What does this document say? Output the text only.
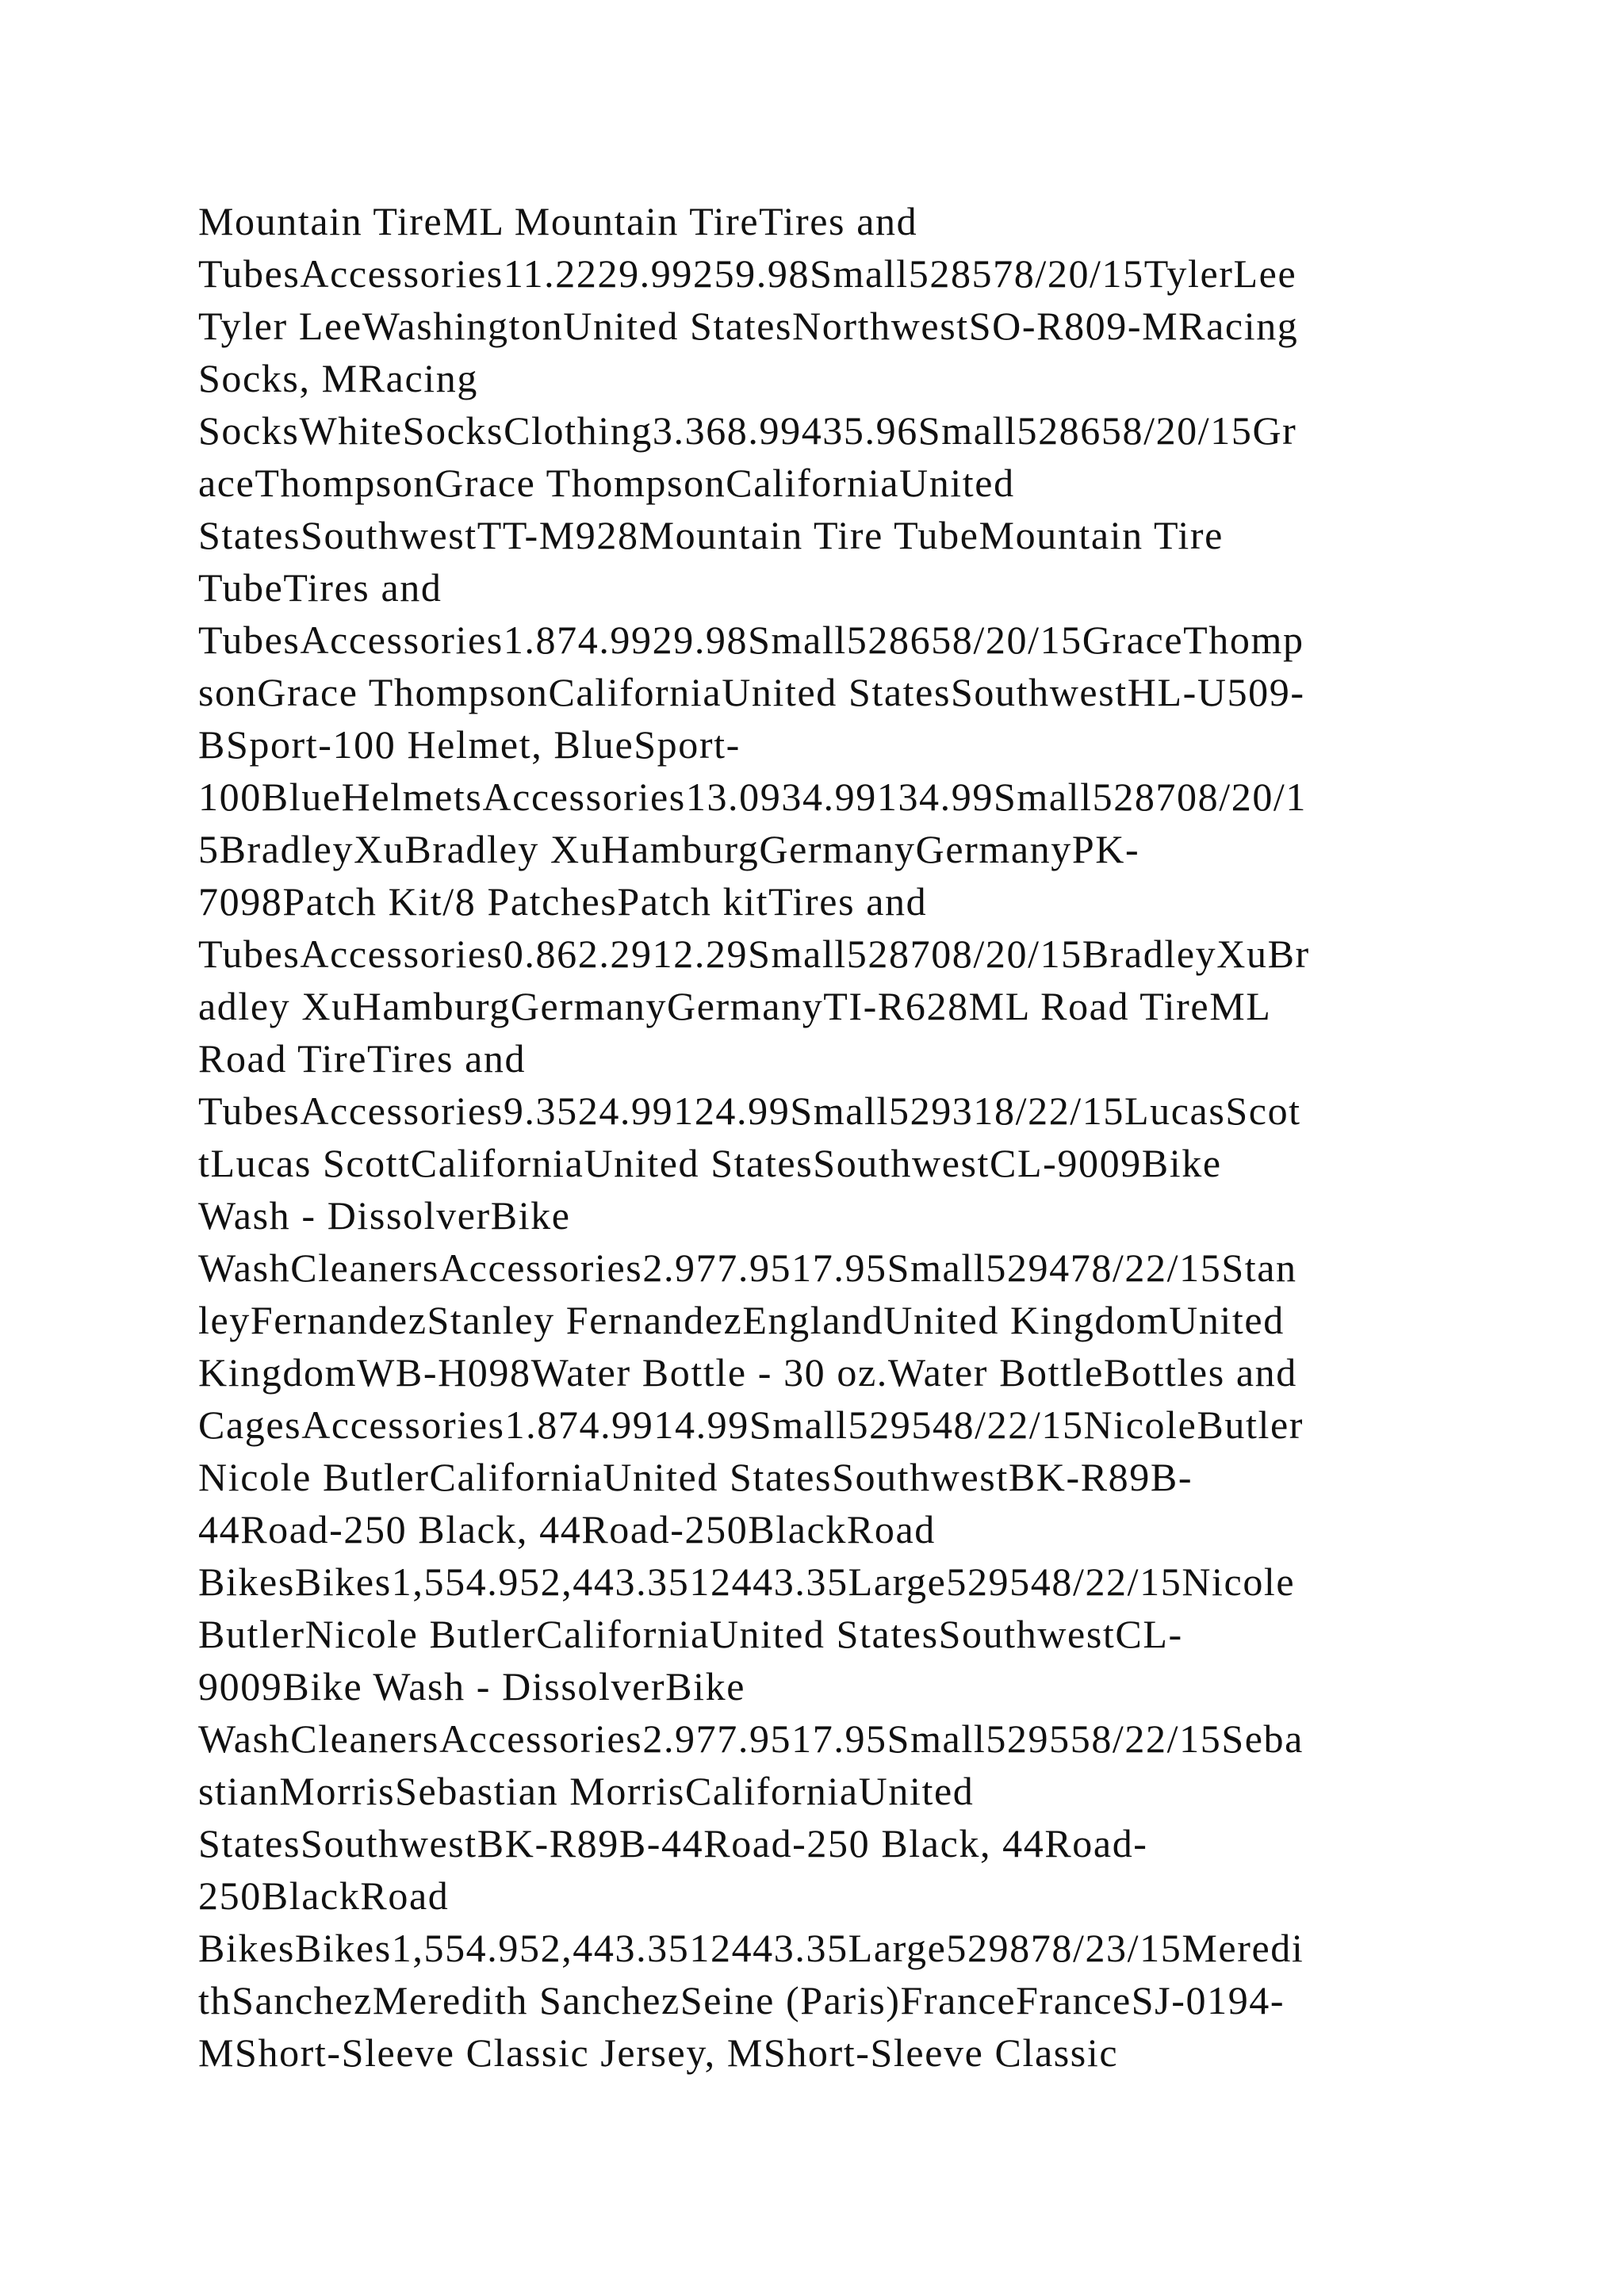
Mountain TireML Mountain TireTires and
TubesAccessories11.2229.99259.98Small528578/20/15TylerLee
Tyler LeeWashingtonUnited StatesNorthwestSO-R809-MRacing
Socks, MRacing
SocksWhiteSocksClothing3.368.99435.96Small528658/20/15Gr
aceThompsonGrace ThompsonCaliforniaUnited
StatesSouthwestTT-M928Mountain Tire TubeMountain Tire
TubeTires and
TubesAccessories1.874.9929.98Small528658/20/15GraceThomp
sonGrace ThompsonCaliforniaUnited StatesSouthwestHL-U509-
BSport-100 Helmet, BlueSport-
100BlueHelmetsAccessories13.0934.99134.99Small528708/20/1
5BradleyXuBradley XuHamburgGermanyGermanyPK-
7098Patch Kit/8 PatchesPatch kitTires and
TubesAccessories0.862.2912.29Small528708/20/15BradleyXuBr
adley XuHamburgGermanyGermanyTI-R628ML Road TireML
Road TireTires and
TubesAccessories9.3524.99124.99Small529318/22/15LucasScot
tLucas ScottCaliforniaUnited StatesSouthwestCL-9009Bike
Wash - DissolverBike
WashCleanersAccessories2.977.9517.95Small529478/22/15Stan
leyFernandezStanley FernandezEnglandUnited KingdomUnited
KingdomWB-H098Water Bottle - 30 oz.Water BottleBottles and
CagesAccessories1.874.9914.99Small529548/22/15NicoleButler
Nicole ButlerCaliforniaUnited StatesSouthwestBK-R89B-
44Road-250 Black, 44Road-250BlackRoad
BikesBikes1,554.952,443.3512443.35Large529548/22/15Nicole
ButlerNicole ButlerCaliforniaUnited StatesSouthwestCL-
9009Bike Wash - DissolverBike
WashCleanersAccessories2.977.9517.95Small529558/22/15Seba
stianMorrisSebastian MorrisCaliforniaUnited
StatesSouthwestBK-R89B-44Road-250 Black, 44Road-
250BlackRoad
BikesBikes1,554.952,443.3512443.35Large529878/23/15Meredi
thSanchezMeredith SanchezSeine (Paris)FranceFranceSJ-0194-
MShort-Sleeve Classic Jersey, MShort-Sleeve Classic
